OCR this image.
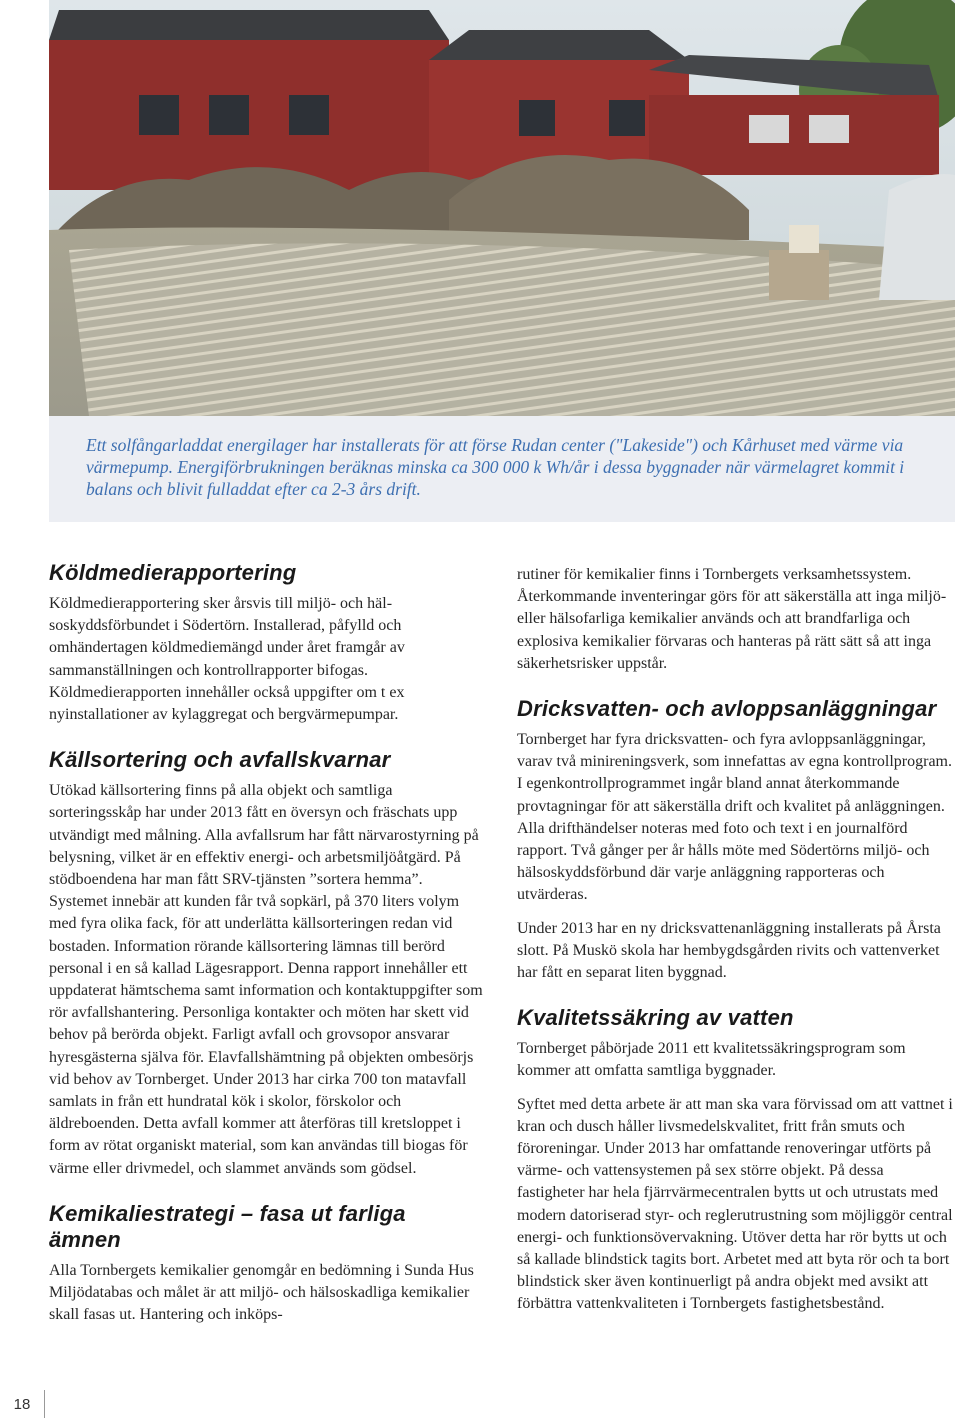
Ett solfångarladdat energilager har installerats för att förse Rudan center ("Lakeside") och Kårhuset med värme via värmepump. Energiförbrukningen beräknas minska ca 300 000 k Wh/år i dessa byggnader när värmelagret kommit i balans och blivit fulladdat efter ca 2-3 års drift.

Köldmedierapportering

Köldmedierapportering sker årsvis till miljö- och hälsoskyddsförbundet i Södertörn. Installerad, påfylld och omhändertagen köldmediemängd under året framgår av sammanställningen och kontrollrapporter bifogas. Köldmedierapporten innehåller också uppgifter om t ex nyinstallationer av kylaggregat och bergvärmepumpar.

Källsortering och avfallskvarnar

Utökad källsortering finns på alla objekt och samtliga sorteringsskåp har under 2013 fått en översyn och fräschats upp utvändigt med målning. Alla avfallsrum har fått närvarostyrning på belysning, vilket är en effektiv energi- och arbetsmiljöåtgärd. På stödboendena har man fått SRV-tjänsten ”sortera hemma”. Systemet innebär att kunden får två sopkärl, på 370 liters volym med fyra olika fack, för att underlätta källsorteringen redan vid bostaden. Information rörande källsortering lämnas till berörd personal i en så kallad Lägesrapport. Denna rapport innehåller ett uppdaterat hämtschema samt information och kontaktuppgifter som rör avfallshantering. Personliga kontakter och möten har skett vid behov på berörda objekt. Farligt avfall och grovsopor ansvarar hyresgästerna själva för. Elavfallshämtning på objekten ombesörjs vid behov av Tornberget. Under 2013 har cirka 700 ton matavfall samlats in från ett hundratal kök i skolor, förskolor och äldreboenden. Detta avfall kommer att återföras till kretsloppet i form av rötat organiskt material, som kan användas till biogas för värme eller drivmedel, och slammet används som gödsel.

Kemikaliestrategi – fasa ut farliga ämnen

Alla Tornbergets kemikalier genomgår en bedömning i Sunda Hus Miljödatabas och målet är att miljö- och hälsoskadliga kemikalier skall fasas ut. Hantering och inköps-

rutiner för kemikalier finns i Tornbergets verksamhetssystem. Återkommande inventeringar görs för att säkerställa att inga miljö- eller hälsofarliga kemikalier används och att brandfarliga och explosiva kemikalier förvaras och hanteras på rätt sätt så att inga säkerhetsrisker uppstår.

Dricksvatten- och avloppsanläggningar

Tornberget har fyra dricksvatten- och fyra avloppsanläggningar, varav två minireningsverk, som innefattas av egna kontrollprogram. I egenkontrollprogrammet ingår bland annat återkommande provtagningar för att säkerställa drift och kvalitet på anläggningen. Alla drifthändelser noteras med foto och text i en journalförd rapport. Två gånger per år hålls möte med Södertörns miljö- och hälsoskyddsförbund där varje anläggning rapporteras och utvärderas.

Under 2013 har en ny dricksvattenanläggning installerats på Årsta slott. På Muskö skola har hembygdsgården rivits och vattenverket har fått en separat liten byggnad.

Kvalitetssäkring av vatten

Tornberget påbörjade 2011 ett kvalitetssäkringsprogram som kommer att omfatta samtliga byggnader.

Syftet med detta arbete är att man ska vara förvissad om att vattnet i kran och dusch håller livsmedelskvalitet, fritt från smuts och föroreningar. Under 2013 har omfattande renoveringar utförts på värme- och vattensystemen på sex större objekt. På dessa fastigheter har hela fjärrvärmecentralen bytts ut och utrustats med modern datoriserad styr- och reglerutrustning som möjliggör central energi- och funktionsövervakning. Utöver detta har rör bytts ut och så kallade blindstick tagits bort. Arbetet med att byta rör och ta bort blindstick sker även kontinuerligt på andra objekt med avsikt att förbättra vattenkvaliteten i Tornbergets fastighetsbestånd.

18
